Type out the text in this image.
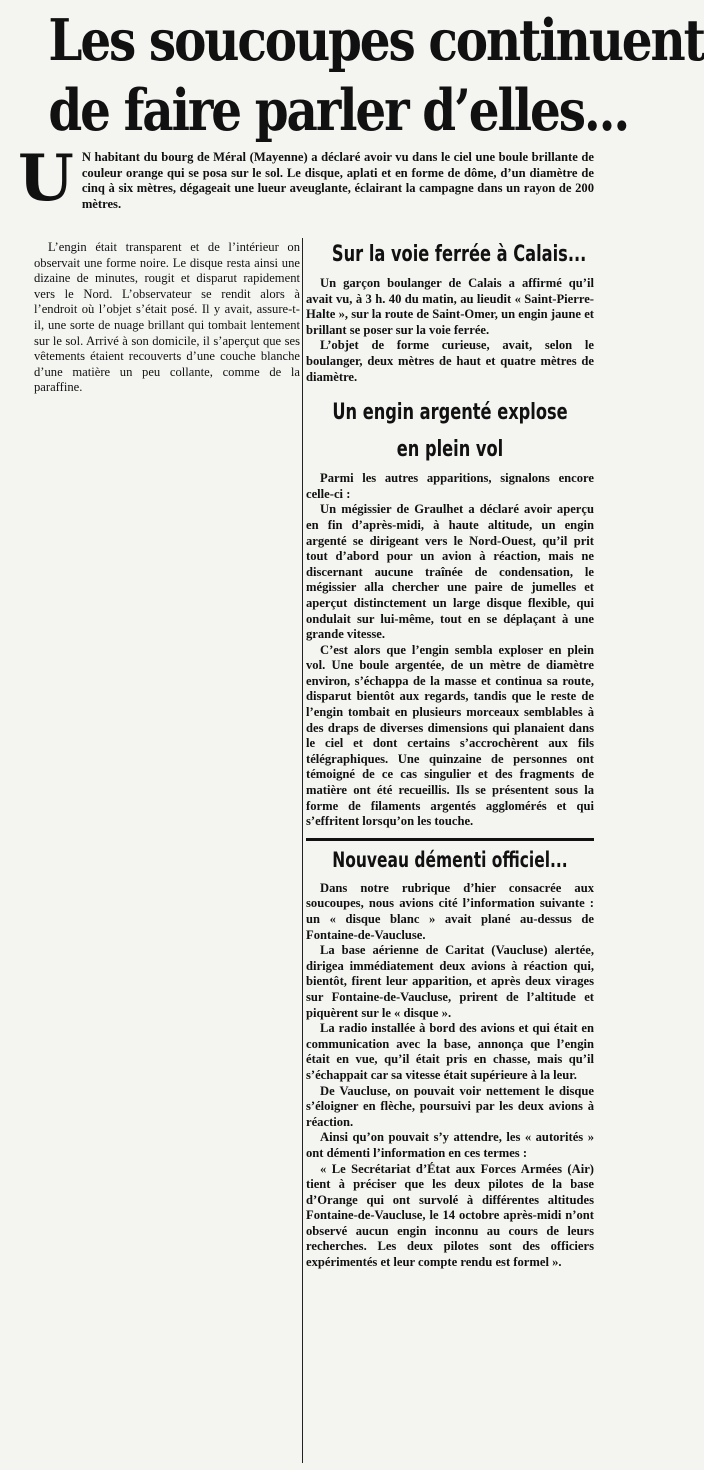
Les soucoupes continuent
de faire parler d’elles...
U N habitant du bourg de Méral (Mayenne) a déclaré avoir vu dans le ciel une boule brillante de couleur orange qui se posa sur le sol. Le disque, aplati et en forme de dôme, d’un diamètre de cinq à six mètres, dégageait une lueur aveuglante, éclairant la campagne dans un rayon de 200 mètres.

L’engin était transparent et de l’intérieur on observait une forme noire. Le disque resta ainsi une dizaine de minutes, rougit et disparut rapidement vers le Nord. L’observateur se rendit alors à l’endroit où l’objet s’était posé. Il y avait, assure-t-il, une sorte de nuage brillant qui tombait lentement sur le sol. Arrivé à son domicile, il s’aperçut que ses vêtements étaient recouverts d’une couche blanche d’une matière un peu collante, comme de la paraffine.

Sur la voie ferrée à Calais...

Un garçon boulanger de Calais a affirmé qu’il avait vu, à 3 h. 40 du matin, au lieudit « Saint-Pierre-Halte », sur la route de Saint-Omer, un engin jaune et brillant se poser sur la voie ferrée.

L’objet de forme curieuse, avait, selon le boulanger, deux mètres de haut et quatre mètres de diamètre.

Un engin argenté explose
en plein vol

Parmi les autres apparitions, signalons encore celle-ci :

Un mégissier de Graulhet a déclaré avoir aperçu en fin d’après-midi, à haute altitude, un engin argenté se dirigeant vers le Nord-Ouest, qu’il prit tout d’abord pour un avion à réaction, mais ne discernant aucune traînée de condensation, le mégissier alla chercher une paire de jumelles et aperçut distinctement un large disque flexible, qui ondulait sur lui-même, tout en se déplaçant à une grande vitesse.

C’est alors que l’engin sembla exploser en plein vol. Une boule argentée, de un mètre de diamètre environ, s’échappa de la masse et continua sa route, disparut bientôt aux regards, tandis que le reste de l’engin tombait en plusieurs morceaux semblables à des draps de diverses dimensions qui planaient dans le ciel et dont certains s’accrochèrent aux fils télégraphiques. Une quinzaine de personnes ont témoigné de ce cas singulier et des fragments de matière ont été recueillis. Ils se présentent sous la forme de filaments argentés agglomérés et qui s’effritent lorsqu’on les touche.

Nouveau démenti officiel...

Dans notre rubrique d’hier consacrée aux soucoupes, nous avions cité l’information suivante : un « disque blanc » avait plané au-dessus de Fontaine-de-Vaucluse.

La base aérienne de Caritat (Vaucluse) alertée, dirigea immédiatement deux avions à réaction qui, bientôt, firent leur apparition, et après deux virages sur Fontaine-de-Vaucluse, prirent de l’altitude et piquèrent sur le « disque ».

La radio installée à bord des avions et qui était en communication avec la base, annonça que l’engin était en vue, qu’il était pris en chasse, mais qu’il s’échappait car sa vitesse était supérieure à la leur.

De Vaucluse, on pouvait voir nettement le disque s’éloigner en flèche, poursuivi par les deux avions à réaction.

Ainsi qu’on pouvait s’y attendre, les « autorités » ont démenti l’information en ces termes :

« Le Secrétariat d’État aux Forces Armées (Air) tient à préciser que les deux pilotes de la base d’Orange qui ont survolé à différentes altitudes Fontaine-de-Vaucluse, le 14 octobre après-midi n’ont observé aucun engin inconnu au cours de leurs recherches. Les deux pilotes sont des officiers expérimentés et leur compte rendu est formel ».
